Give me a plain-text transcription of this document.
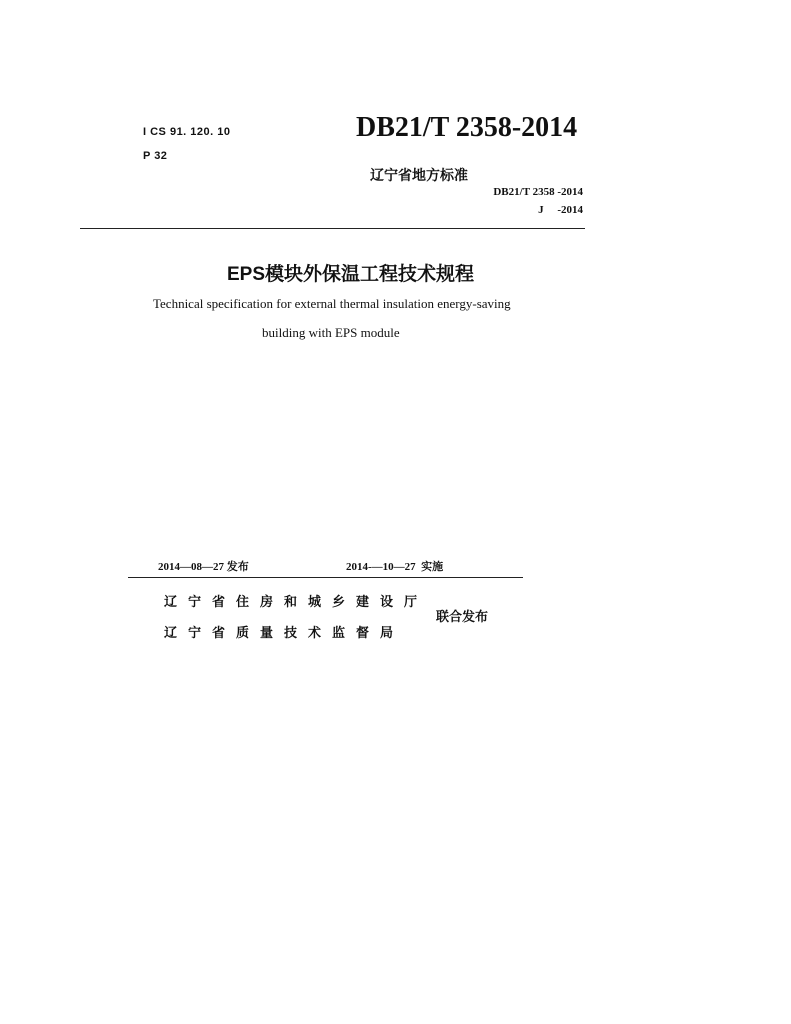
I CS 91. 120. 10
P 32
DB21/T 2358-2014
辽宁省地方标准
DB21/T 2358 -2014
J     -2014
EPS模块外保温工程技术规程
Technical specification for external thermal insulation energy-saving
building with EPS module
2014—08—27 发布	2014-—10—27  实施
辽宁省住房和城乡建设厅
辽宁省质量技术监督局
联合发布
